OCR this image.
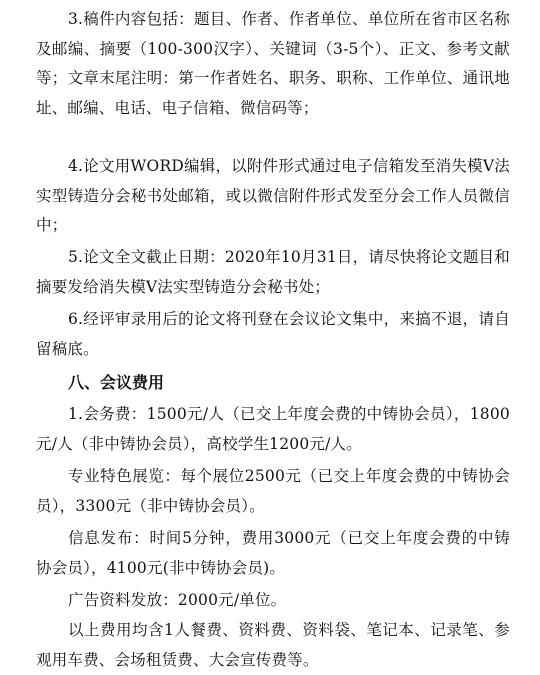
3.稿件内容包括：题目、作者、作者单位、单位所在省市区名称及邮编、摘要（100-300汉字）、关键词（3-5个）、正文、参考文献等；文章末尾注明：第一作者姓名、职务、职称、工作单位、通讯地址、邮编、电话、电子信箱、微信码等；

4.论文用WORD编辑，以附件形式通过电子信箱发至消失模V法实型铸造分会秘书处邮箱，或以微信附件形式发至分会工作人员微信中；

5.论文全文截止日期：2020年10月31日，请尽快将论文题目和摘要发给消失模V法实型铸造分会秘书处；

6.经评审录用后的论文将刊登在会议论文集中，来搞不退，请自留稿底。

八、会议费用

1.会务费：1500元/人（已交上年度会费的中铸协会员），1800元/人（非中铸协会员），高校学生1200元/人。

专业特色展览：每个展位2500元（已交上年度会费的中铸协会员），3300元（非中铸协会员）。

信息发布：时间5分钟，费用3000元（已交上年度会费的中铸协会员），4100元(非中铸协会员)。

广告资料发放：2000元/单位。

以上费用均含1人餐费、资料费、资料袋、笔记本、记录笔、参观用车费、会场租赁费、大会宣传费等。
